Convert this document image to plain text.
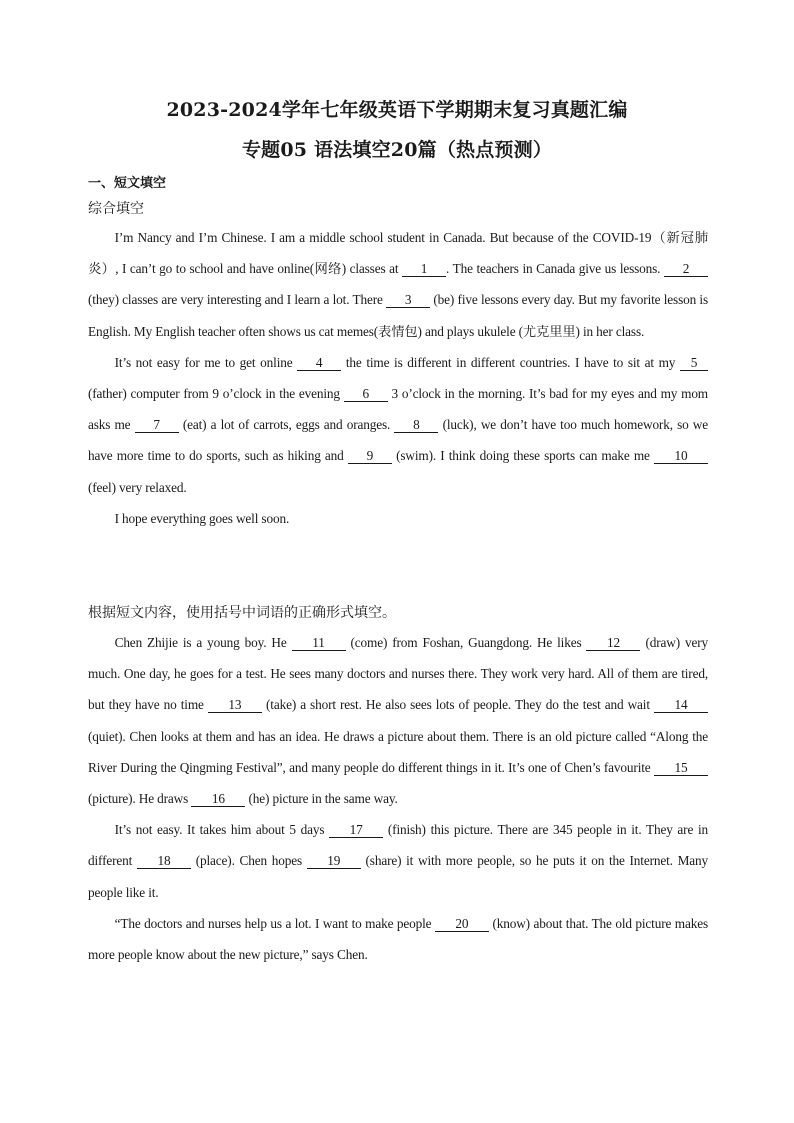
2023-2024学年七年级英语下学期期末复习真题汇编
专题05 语法填空20篇（热点预测）
一、短文填空
综合填空

I’m Nancy and I’m Chinese. I am a middle school student in Canada. But because of the COVID-19（新冠肺炎）, I can’t go to school and have online(网络) classes at 1 . The teachers in Canada give us lessons. 2 (they) classes are very interesting and I learn a lot. There 3 (be) five lessons every day. But my favorite lesson is English. My English teacher often shows us cat memes(表情包) and plays ukulele (尤克里里) in her class.

It’s not easy for me to get online 4 the time is different in different countries. I have to sit at my 5 (father) computer from 9 o’clock in the evening 6 3 o’clock in the morning. It’s bad for my eyes and my mom asks me 7 (eat) a lot of carrots, eggs and oranges. 8 (luck), we don’t have too much homework, so we have more time to do sports, such as hiking and 9 (swim). I think doing these sports can make me 10 (feel) very relaxed.

I hope everything goes well soon.

根据短文内容，使用括号中词语的正确形式填空。

Chen Zhijie is a young boy. He 11 (come) from Foshan, Guangdong. He likes 12 (draw) very much. One day, he goes for a test. He sees many doctors and nurses there. They work very hard. All of them are tired, but they have no time 13 (take) a short rest. He also sees lots of people. They do the test and wait 14 (quiet). Chen looks at them and has an idea. He draws a picture about them. There is an old picture called “Along the River During the Qingming Festival”, and many people do different things in it. It’s one of Chen’s favourite 15 (picture). He draws 16 (he) picture in the same way.

It’s not easy. It takes him about 5 days 17 (finish) this picture. There are 345 people in it. They are in different 18 (place). Chen hopes 19 (share) it with more people, so he puts it on the Internet. Many people like it.

“The doctors and nurses help us a lot. I want to make people 20 (know) about that. The old picture makes more people know about the new picture,” says Chen.
